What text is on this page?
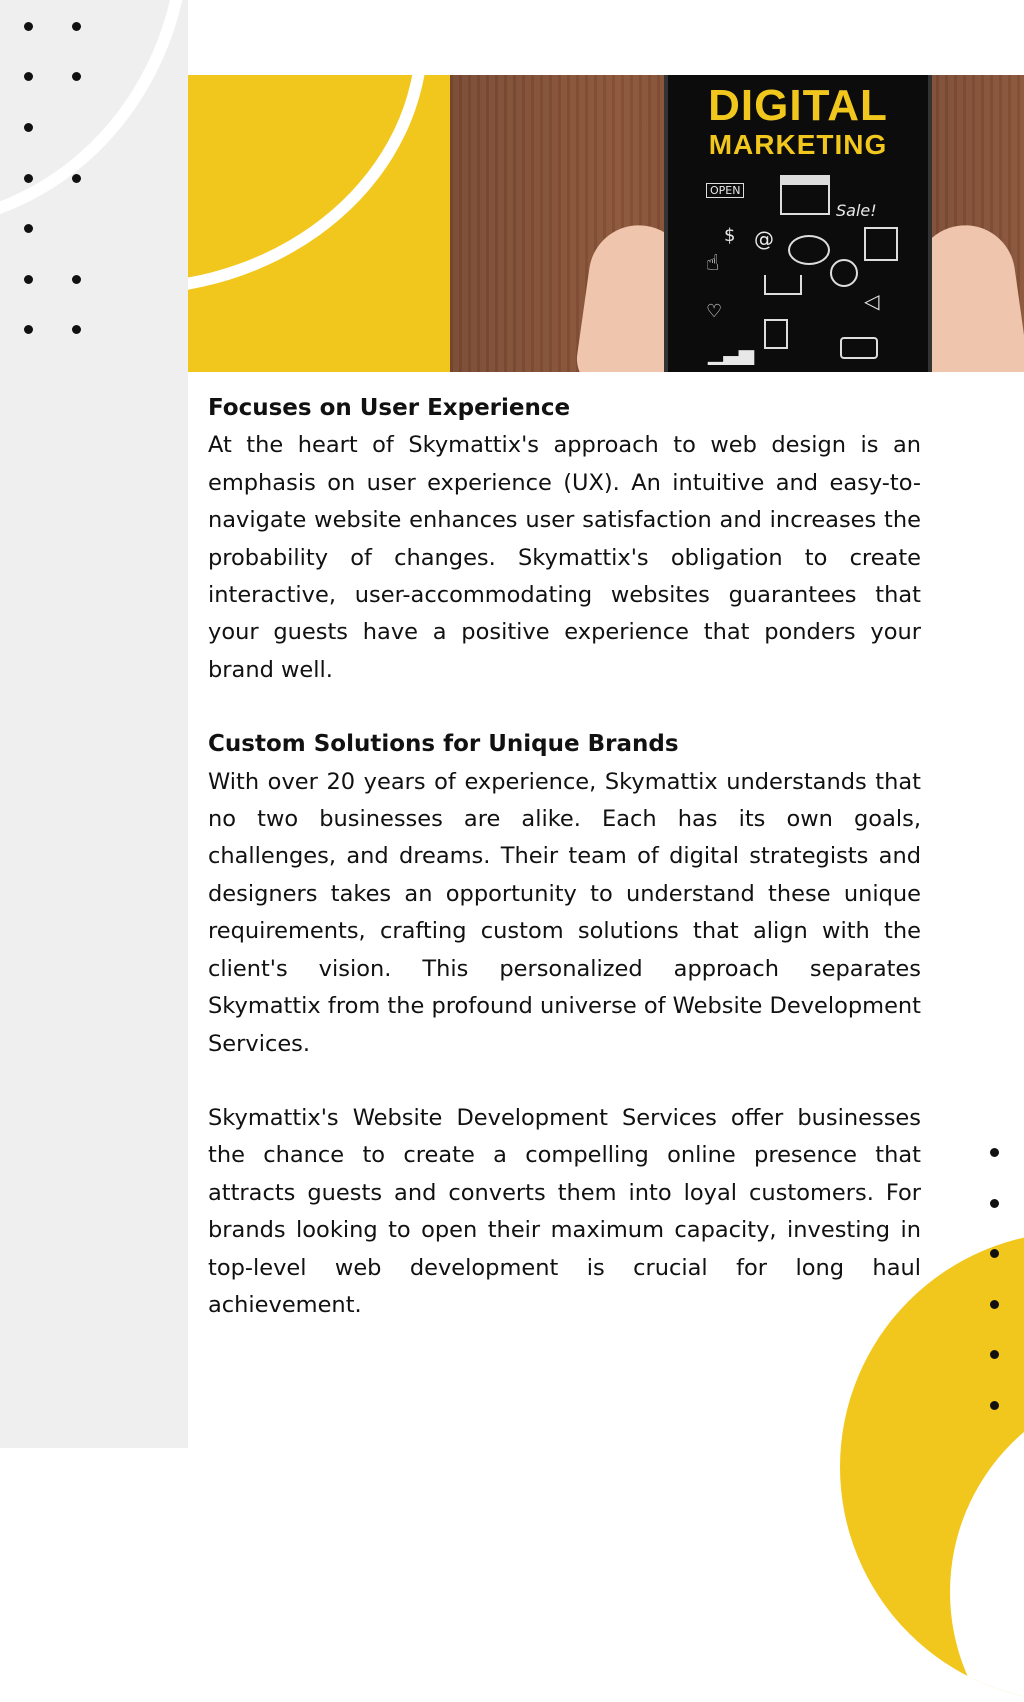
DIGITAL
MARKETING
OPEN
Sale!
$ @
☝
◁
♡
▁▃▅
Focuses on User Experience

At the heart of Skymattix's approach to web design is an emphasis on user experience (UX). An intuitive and easy-to-navigate website enhances user satisfaction and increases the probability of changes. Skymattix's obligation to create interactive, user-accommodating websites guarantees that your guests have a positive experience that ponders your brand well.

Custom Solutions for Unique Brands

With over 20 years of experience, Skymattix understands that no two businesses are alike. Each has its own goals, challenges, and dreams. Their team of digital strategists and designers takes an opportunity to understand these unique requirements, crafting custom solutions that align with the client's vision. This personalized approach separates Skymattix from the profound universe of Website Development Services.

Skymattix's Website Development Services offer businesses the chance to create a compelling online presence that attracts guests and converts them into loyal customers. For brands looking to open their maximum capacity, investing in top-level web development is crucial for long haul achievement.
